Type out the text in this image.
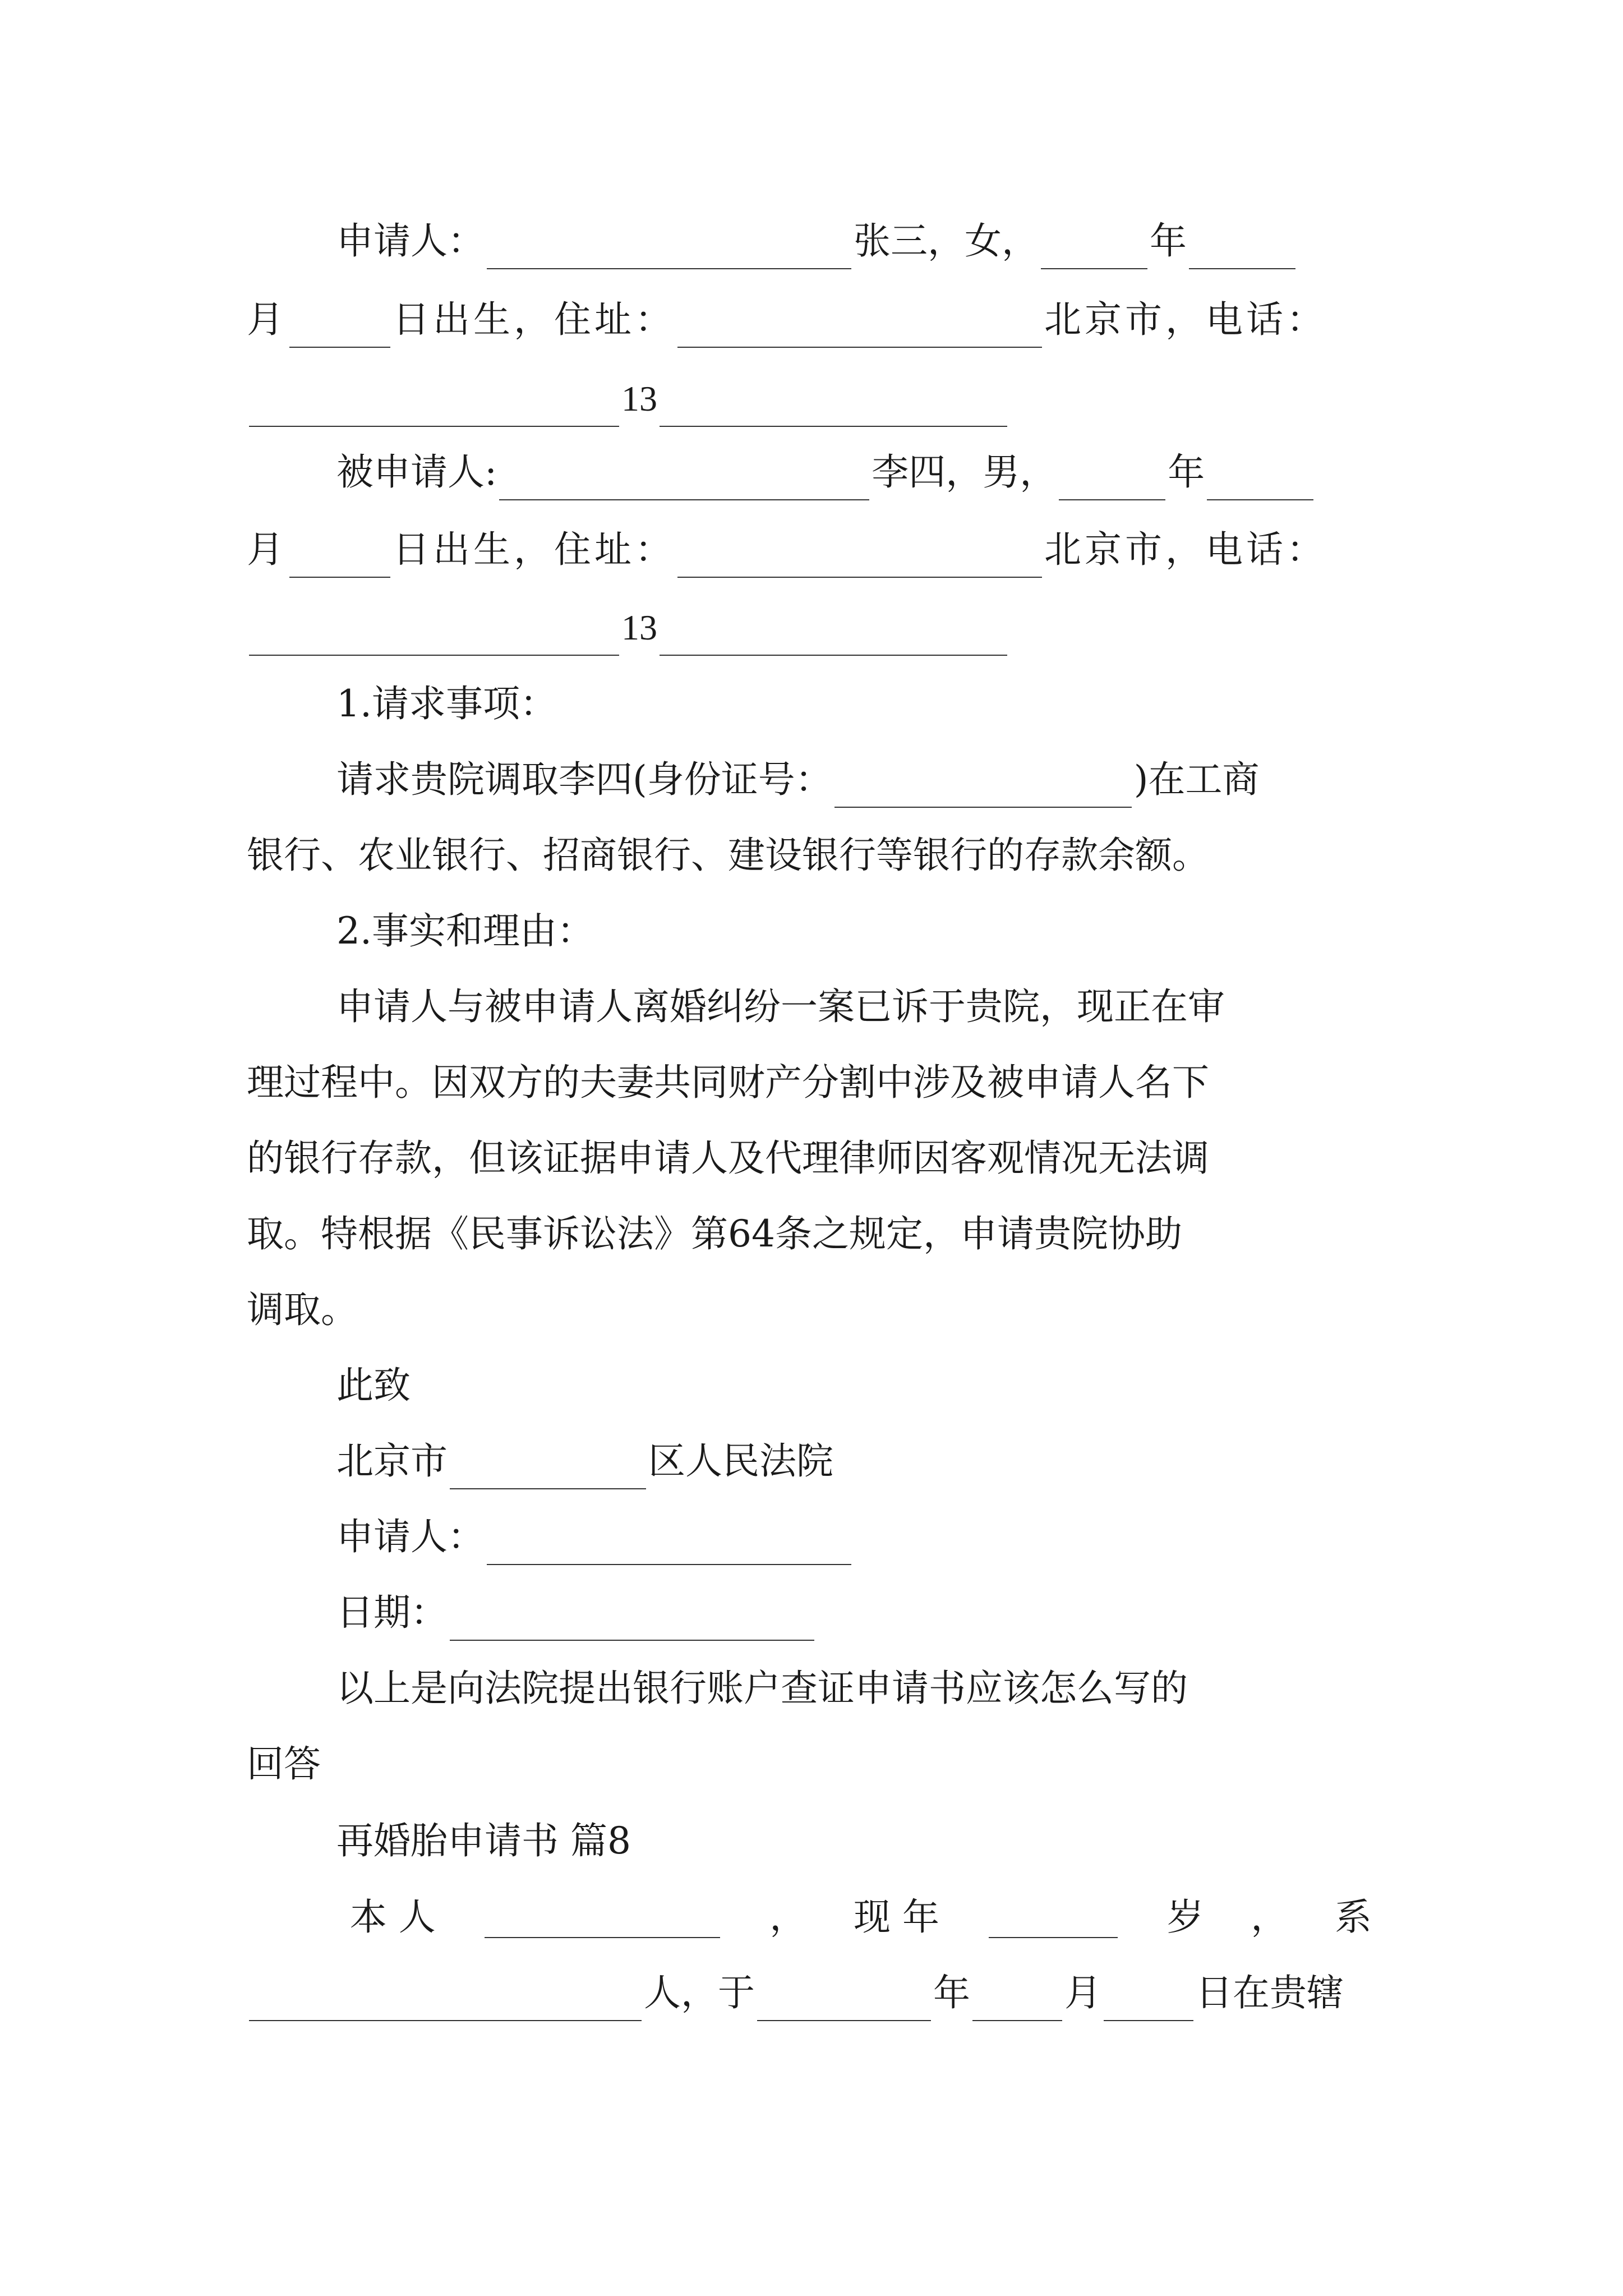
申请人：	张三，女，	年
月	日出生，住址：	北京市，电话：
13
被申请人:	李四，男，	年
月	日出生，住址：	北京市，电话：
13
1.请求事项：
请求贵院调取李四(身份证号：	)在工商
银行、农业银行、招商银行、建设银行等银行的存款余额。
2.事实和理由：
申请人与被申请人离婚纠纷一案已诉于贵院，现正在审
理过程中。因双方的夫妻共同财产分割中涉及被申请人名下
的银行存款，但该证据申请人及代理律师因客观情况无法调
取。特根据《民事诉讼法》第64条之规定，申请贵院协助
调取。
此致
北京市	区人民法院
申请人：
日期：
以上是向法院提出银行账户查证申请书应该怎么写的
回答
再婚胎申请书 篇8
本 人	， 现 年	岁 ， 系
人，于	年	月	日在贵辖
